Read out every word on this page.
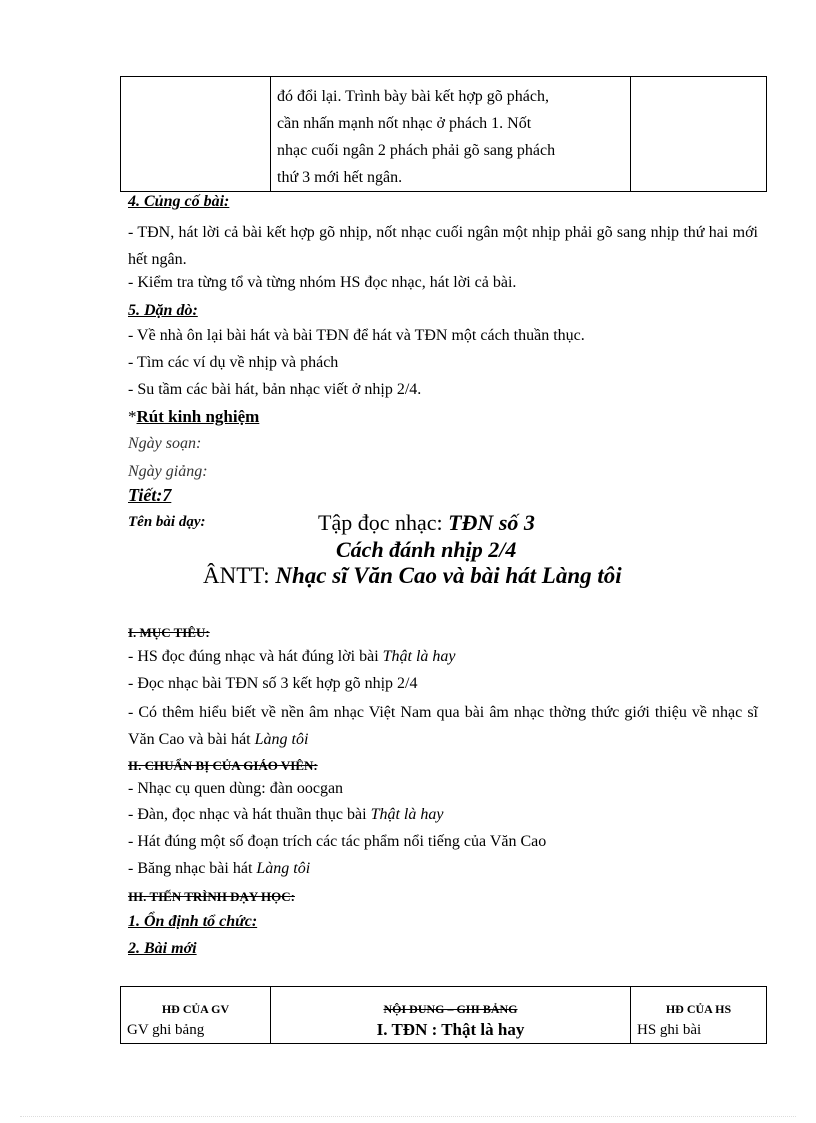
đó đổi lại. Trình bày bài kết hợp gõ phách,
cần nhấn mạnh nốt nhạc ở phách 1. Nốt
nhạc cuối ngân 2 phách phải gõ sang phách
thứ 3 mới hết ngân.

4. Củng cố bài:
- TĐN, hát lời cả bài kết hợp gõ nhịp, nốt nhạc cuối ngân một nhịp phải gõ sang nhịp thứ hai mới hết ngân.
- Kiểm tra từng tổ và từng nhóm HS đọc nhạc, hát lời cả bài.
5. Dặn dò:
- Về nhà ôn lại bài hát và bài TĐN để hát và TĐN một cách thuần thục.
- Tìm các ví dụ về nhịp và phách
- Su tầm các bài hát, bản nhạc viết ở nhịp 2/4.
*Rút kinh nghiệm
Ngày soạn:
Ngày giảng:
Tiết:7
Tên bài dạy:	Tập đọc nhạc: TĐN số 3
Cách đánh nhịp 2/4
ÂNTT: Nhạc sĩ Văn Cao và bài hát Làng tôi
I. MỤC TIÊU:
- HS đọc đúng nhạc và hát đúng lời bài Thật là hay
- Đọc nhạc bài TĐN số 3 kết hợp gõ nhịp 2/4
- Có thêm hiểu biết về nền âm nhạc Việt Nam qua bài âm nhạc thờng thức giới thiệu về nhạc sĩ Văn Cao và bài hát Làng tôi
II. CHUẨN BỊ CỦA GIÁO VIÊN:
- Nhạc cụ quen dùng: đàn oocgan
- Đàn, đọc nhạc và hát thuần thục bài Thật là hay
- Hát đúng một số đoạn trích các tác phẩm nổi tiếng của Văn Cao
- Băng nhạc bài hát Làng tôi
III. TIẾN TRÌNH DẠY HỌC:
1. Ổn định tổ chức:
2. Bài mới
HĐ CỦA GV	NỘI DUNG – GHI BẢNG	HĐ CỦA HS
GV ghi bảng	I. TĐN : Thật là hay	HS ghi bài
